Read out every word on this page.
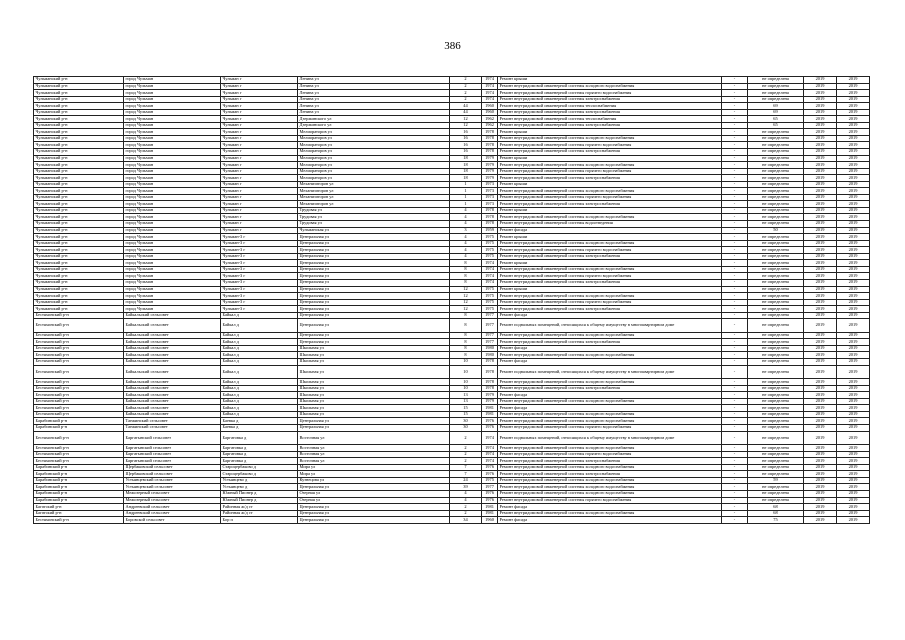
386
Чульманский р-н	город Чульман	Чульман г	Ленина ул	2	1974	Ремонт крыши	-	не определена	2019	2019
Чульманский р-н	город Чульман	Чульман г	Ленина ул	2	1974	Ремонт внутридомовой инженерной системы холодного водоснабжения	-	не определена	2019	2019
Чульманский р-н	город Чульман	Чульман г	Ленина ул	2	1974	Ремонт внутридомовой инженерной системы горячего водоснабжения	-	не определена	2019	2019
Чульманский р-н	город Чульман	Чульман г	Ленина ул	2	1974	Ремонт внутридомовой инженерной системы электроснабжения	-	не определена	2019	2019
Чульманский р-н	город Чульман	Чульман г	Ленина ул	44	1960	Ремонт внутридомовой инженерной системы теплоснабжения	-	69	2019	2019
Чульманский р-н	город Чульман	Чульман г	Ленина ул	44	1960	Ремонт внутридомовой инженерной системы электроснабжения	-	69	2019	2019
Чульманский р-н	город Чульман	Чульман г	Дзержинского ул	12	1962	Ремонт внутридомовой инженерной системы теплоснабжения	-	65	2019	2019
Чульманский р-н	город Чульман	Чульман г	Дзержинского ул	12	1962	Ремонт внутридомовой инженерной системы электроснабжения	-	65	2019	2019
Чульманский р-н	город Чульман	Чульман г	Мелиораторов ул	16	1978	Ремонт крыши	-	не определена	2019	2019
Чульманский р-н	город Чульман	Чульман г	Мелиораторов ул	16	1978	Ремонт внутридомовой инженерной системы холодного водоснабжения	-	не определена	2019	2019
Чульманский р-н	город Чульман	Чульман г	Мелиораторов ул	16	1978	Ремонт внутридомовой инженерной системы горячего водоснабжения	-	не определена	2019	2019
Чульманский р-н	город Чульман	Чульман г	Мелиораторов ул	16	1978	Ремонт внутридомовой инженерной системы электроснабжения	-	не определена	2019	2019
Чульманский р-н	город Чульман	Чульман г	Мелиораторов ул	18	1979	Ремонт крыши	-	не определена	2019	2019
Чульманский р-н	город Чульман	Чульман г	Мелиораторов ул	18	1979	Ремонт внутридомовой инженерной системы холодного водоснабжения	-	не определена	2019	2019
Чульманский р-н	город Чульман	Чульман г	Мелиораторов ул	18	1979	Ремонт внутридомовой инженерной системы горячего водоснабжения	-	не определена	2019	2019
Чульманский р-н	город Чульман	Чульман г	Мелиораторов ул	18	1979	Ремонт внутридомовой инженерной системы электроснабжения	-	не определена	2019	2019
Чульманский р-н	город Чульман	Чульман г	Механизаторов ул	1	1973	Ремонт крыши	-	не определена	2019	2019
Чульманский р-н	город Чульман	Чульман г	Механизаторов ул	1	1973	Ремонт внутридомовой инженерной системы холодного водоснабжения	-	не определена	2019	2019
Чульманский р-н	город Чульман	Чульман г	Механизаторов ул	1	1973	Ремонт внутридомовой инженерной системы горячего водоснабжения	-	не определена	2019	2019
Чульманский р-н	город Чульман	Чульман г	Механизаторов ул	1	1973	Ремонт внутридомовой инженерной системы электроснабжения	-	не определена	2019	2019
Чульманский р-н	город Чульман	Чульман г	Трудовая ул	4	1978	Ремонт крыши	-	не определена	2019	2019
Чульманский р-н	город Чульман	Чульман г	Трудовая ул	4	1978	Ремонт внутридомовой инженерной системы холодного водоснабжения	-	не определена	2019	2019
Чульманский р-н	город Чульман	Чульман г	Трудовая ул	4	1978	Ремонт внутридомовой инженерной системы водоотведения	-	не определена	2019	2019
Чульманский р-н	город Чульман	Чульман г	Чульманская ул	3	1959	Ремонт фасада	-	50	2019	2019
Чульманский р-н	город Чульман	Чульман-3 г	Центральная ул	4	1975	Ремонт крыши	-	не определена	2019	2019
Чульманский р-н	город Чульман	Чульман-3 г	Центральная ул	4	1975	Ремонт внутридомовой инженерной системы холодного водоснабжения	-	не определена	2019	2019
Чульманский р-н	город Чульман	Чульман-3 г	Центральная ул	4	1975	Ремонт внутридомовой инженерной системы горячего водоснабжения	-	не определена	2019	2019
Чульманский р-н	город Чульман	Чульман-3 г	Центральная ул	4	1975	Ремонт внутридомовой инженерной системы электроснабжения	-	не определена	2019	2019
Чульманский р-н	город Чульман	Чульман-3 г	Центральная ул	8	1974	Ремонт крыши	-	не определена	2019	2019
Чульманский р-н	город Чульман	Чульман-3 г	Центральная ул	8	1974	Ремонт внутридомовой инженерной системы холодного водоснабжения	-	не определена	2019	2019
Чульманский р-н	город Чульман	Чульман-3 г	Центральная ул	8	1974	Ремонт внутридомовой инженерной системы горячего водоснабжения	-	не определена	2019	2019
Чульманский р-н	город Чульман	Чульман-3 г	Центральная ул	8	1974	Ремонт внутридомовой инженерной системы электроснабжения	-	не определена	2019	2019
Чульманский р-н	город Чульман	Чульман-3 г	Центральная ул	12	1975	Ремонт крыши	-	не определена	2019	2019
Чульманский р-н	город Чульман	Чульман-3 г	Центральная ул	12	1975	Ремонт внутридомовой инженерной системы холодного водоснабжения	-	не определена	2019	2019
Чульманский р-н	город Чульман	Чульман-3 г	Центральная ул	12	1975	Ремонт внутридомовой инженерной системы горячего водоснабжения	-	не определена	2019	2019
Чульманский р-н	город Чульман	Чульман-3 г	Центральная ул	12	1975	Ремонт внутридомовой инженерной системы электроснабжения	-	не определена	2019	2019
Бестяхинский р-н	Байкальский сельсовет	Байкал д	Центральная ул	8	1977	Ремонт фасада	-	не определена	2019	2019
Бестяхинский р-н	Байкальский сельсовет	Байкал д	Центральная ул	8	1977	Ремонт подвальных помещений, относящихся к общему имуществу в многоквартирном доме	-	не определена	2019	2019
Бестяхинский р-н	Байкальский сельсовет	Байкал д	Центральная ул	8	1977	Ремонт внутридомовой инженерной системы холодного водоснабжения	-	не определена	2019	2019
Бестяхинский р-н	Байкальский сельсовет	Байкал д	Центральная ул	8	1977	Ремонт внутридомовой инженерной системы электроснабжения	-	не определена	2019	2019
Бестяхинский р-н	Байкальский сельсовет	Байкал д	Школьная ул	8	1980	Ремонт фасада	-	не определена	2019	2019
Бестяхинский р-н	Байкальский сельсовет	Байкал д	Школьная ул	8	1980	Ремонт внутридомовой инженерной системы холодного водоснабжения	-	не определена	2019	2019
Бестяхинский р-н	Байкальский сельсовет	Байкал д	Школьная ул	10	1978	Ремонт фасада	-	не определена	2019	2019
Бестяхинский р-н	Байкальский сельсовет	Байкал д	Школьная ул	10	1978	Ремонт подвальных помещений, относящихся к общему имуществу в многоквартирном доме	-	не определена	2019	2019
Бестяхинский р-н	Байкальский сельсовет	Байкал д	Школьная ул	10	1978	Ремонт внутридомовой инженерной системы холодного водоснабжения	-	не определена	2019	2019
Бестяхинский р-н	Байкальский сельсовет	Байкал д	Школьная ул	10	1978	Ремонт внутридомовой инженерной системы электроснабжения	-	не определена	2019	2019
Бестяхинский р-н	Байкальский сельсовет	Байкал д	Школьная ул	13	1979	Ремонт фасада	-	не определена	2019	2019
Бестяхинский р-н	Байкальский сельсовет	Байкал д	Школьная ул	13	1979	Ремонт внутридомовой инженерной системы холодного водоснабжения	-	не определена	2019	2019
Бестяхинский р-н	Байкальский сельсовет	Байкал д	Школьная ул	15	1981	Ремонт фасада	-	не определена	2019	2019
Бестяхинский р-н	Байкальский сельсовет	Байкал д	Школьная ул	15	1981	Ремонт внутридомовой инженерной системы холодного водоснабжения	-	не определена	2019	2019
Барабинский р-н	Таежинский сельсовет	Баевка д	Центральная ул	30	1976	Ремонт внутридомовой инженерной системы холодного водоснабжения	-	не определена	2019	2019
Барабинский р-н	Таежинский сельсовет	Баевка д	Центральная ул	30	1976	Ремонт внутридомовой инженерной системы горячего водоснабжения	-	не определена	2019	2019
Бестяхинский р-н	Баргатынский сельсовет	Баргатовка д	Восточная ул	2	1974	Ремонт подвальных помещений, относящихся к общему имуществу в многоквартирном доме	-	не определена	2019	2019
Бестяхинский р-н	Баргатынский сельсовет	Баргатовка д	Восточная ул	2	1974	Ремонт внутридомовой инженерной системы холодного водоснабжения	-	не определена	2019	2019
Бестяхинский р-н	Баргатынский сельсовет	Баргатовка д	Восточная ул	2	1974	Ремонт внутридомовой инженерной системы горячего водоснабжения	-	не определена	2019	2019
Бестяхинский р-н	Баргатынский сельсовет	Баргатовка д	Восточная ул	2	1974	Ремонт внутридомовой инженерной системы электроснабжения	-	не определена	2019	2019
Барабинский р-н	Щербаковский сельсовет	Староцербаково д	Мира ул	7	1976	Ремонт внутридомовой инженерной системы холодного водоснабжения	-	не определена	2019	2019
Барабинский р-н	Щербаковский сельсовет	Староцербаково д	Мира ул	7	1976	Ремонт внутридомовой инженерной системы электроснабжения	-	не определена	2019	2019
Барабинский р-н	Устьянцевский сельсовет	Устьянцево д	Кузнецова ул	24	1975	Ремонт внутридомовой инженерной системы холодного водоснабжения	-	59	2019	2019
Барабинский р-н	Устьянцевский сельсовет	Устьянцево д	Центральная ул	39	1977	Ремонт внутридомовой инженерной системы холодного водоснабжения	-	не определена	2019	2019
Барабинский р-н	Межозерный сельсовет	Южный Пионер д	Озерная ул	4	1976	Ремонт внутридомовой инженерной системы холодного водоснабжения	-	не определена	2019	2019
Барабинский р-н	Межозерный сельсовет	Южный Пионер д	Озерная ул	4	1976	Ремонт внутридомовой инженерной системы горячего водоснабжения	-	не определена	2019	2019
Багатский р-н	Андреевский сельсовет	Районная ж/д ст	Центральная ул	2	1981	Ремонт фасада	-	68	2019	2019
Багатский р-н	Андреевский сельсовет	Районная ж/д ст	Центральная ул	2	1981	Ремонт внутридомовой инженерной системы холодного водоснабжения	-	68	2019	2019
Бестяхинский р-н	Боровской сельсовет	Бор п	Центральная ул	34	1960	Ремонт фасада	-	75	2019	2019
